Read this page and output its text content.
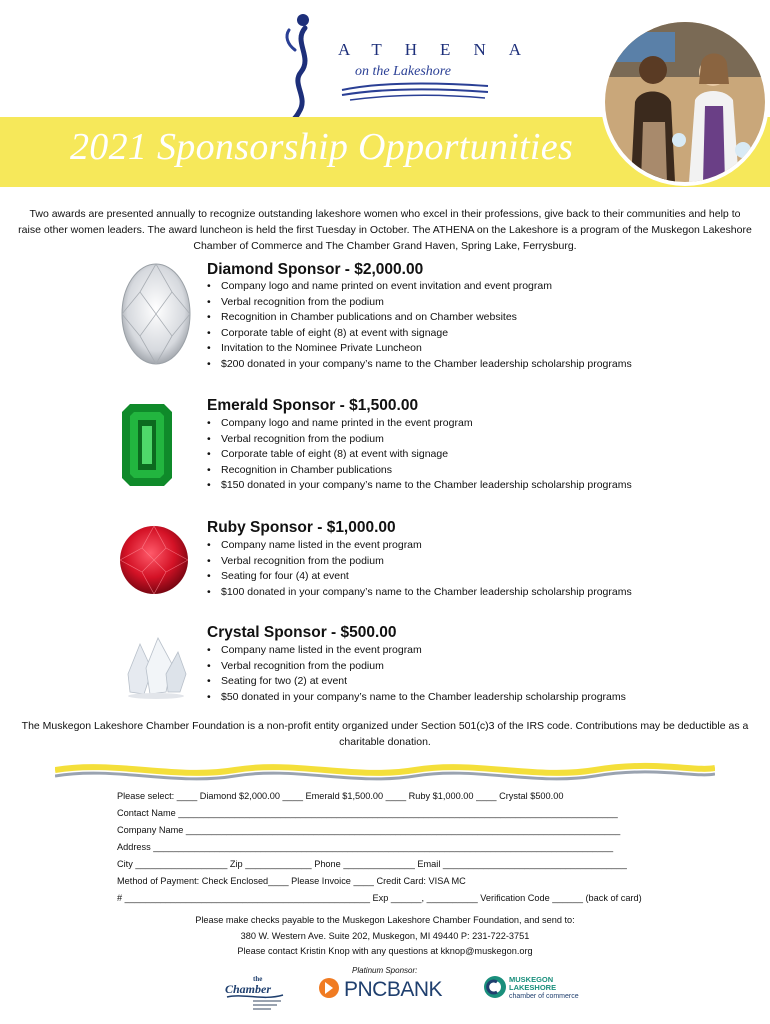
ATHENA
on the Lakeshore
2021 Sponsorship Opportunities
Two awards are presented annually to recognize outstanding lakeshore women who excel in their professions, give back to their communities and help to raise other women leaders. The award luncheon is held the first Tuesday in October. The ATHENA on the Lakeshore is a program of the Muskegon Lakeshore Chamber of Commerce and The Chamber Grand Haven, Spring Lake, Ferrysburg.
Diamond Sponsor - $2,000.00
• Company logo and name printed on event invitation and event program
• Verbal recognition from the podium
• Recognition in Chamber publications and on Chamber websites
• Corporate table of eight (8) at event with signage
• Invitation to the Nominee Private Luncheon
• $200 donated in your company’s name to the Chamber leadership scholarship programs
Emerald Sponsor - $1,500.00
• Company logo and name printed in the event program
• Verbal recognition from the podium
• Corporate table of eight (8) at event with signage
• Recognition in Chamber publications
• $150 donated in your company’s name to the Chamber leadership scholarship programs
Ruby Sponsor - $1,000.00
• Company name listed in the event program
• Verbal recognition from the podium
• Seating for four (4) at event
• $100 donated in your company’s name to the Chamber leadership scholarship programs
Crystal Sponsor - $500.00
• Company name listed in the event program
• Verbal recognition from the podium
• Seating for two (2) at event
• $50 donated in your company’s name to the Chamber leadership scholarship programs
The Muskegon Lakeshore Chamber Foundation is a non-profit entity organized under Section 501(c)3 of the IRS code. Contributions may be deductible as a charitable donation.
Please select: ____ Diamond $2,000.00 ____ Emerald $1,500.00 ____ Ruby $1,000.00 ____ Crystal $500.00
Contact Name ______________________________________________________________________________________
Company Name _____________________________________________________________________________________
Address __________________________________________________________________________________________
City __________________ Zip _____________ Phone ______________ Email ____________________________________
Method of Payment: Check Enclosed____ Please Invoice ____ Credit Card: VISA MC
# ________________________________________________ Exp ______, __________ Verification Code ______ (back of card)
Please make checks payable to the Muskegon Lakeshore Chamber Foundation, and send to:
380 W. Western Ave. Suite 202, Muskegon, MI 49440 P: 231-722-3751
Please contact Kristin Knop with any questions at kknop@muskegon.org
Platinum Sponsor:
the
Chamber	PNCBANK	MUSKEGON
LAKESHORE
chamber of commerce
